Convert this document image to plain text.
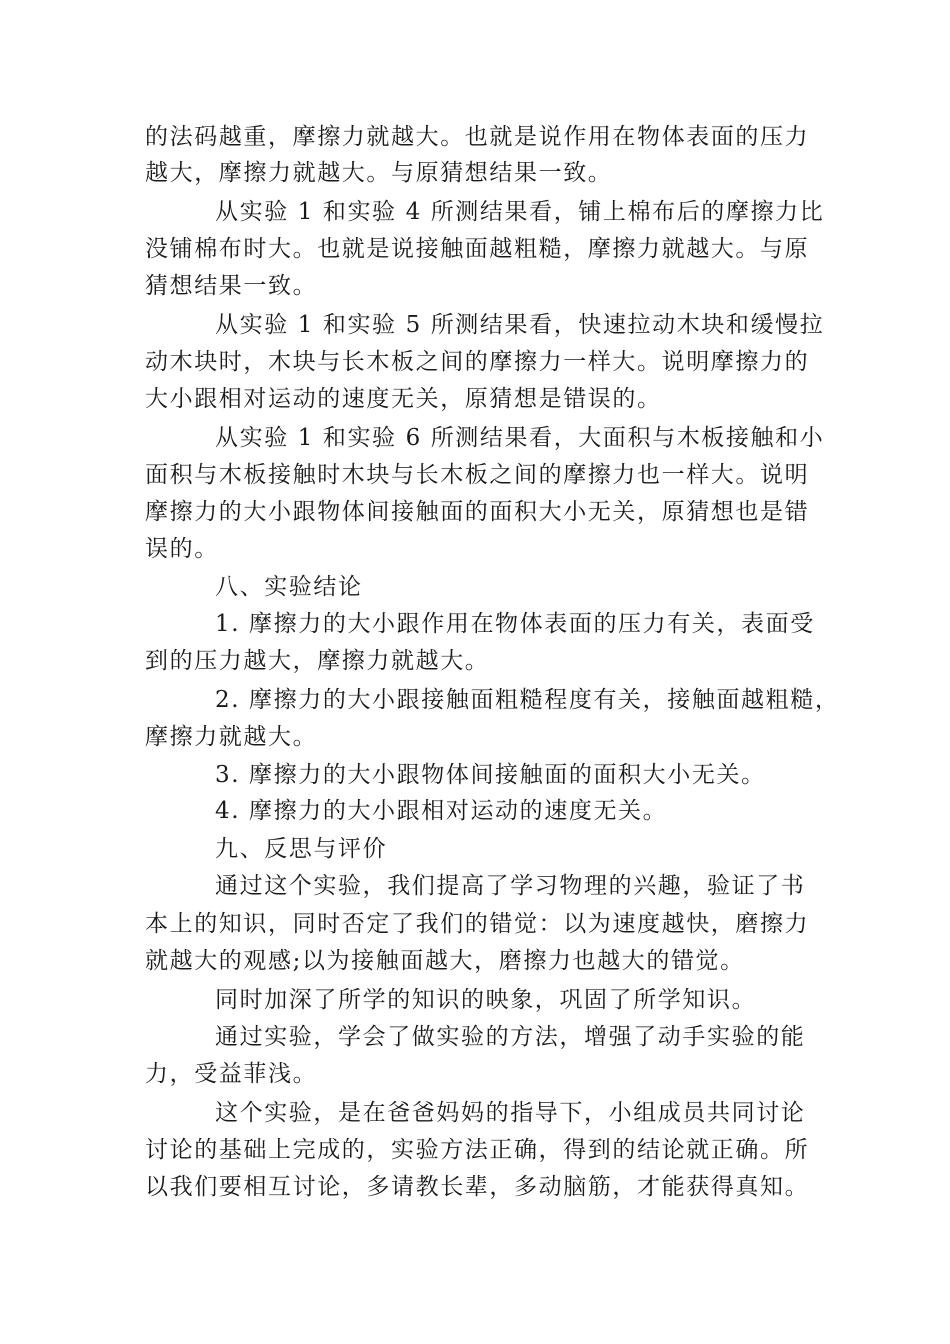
的法码越重，摩擦力就越大。也就是说作用在物体表面的压力
越大，摩擦力就越大。与原猜想结果一致。
从实验 1 和实验 4 所测结果看，铺上棉布后的摩擦力比
没铺棉布时大。也就是说接触面越粗糙，摩擦力就越大。与原
猜想结果一致。
从实验 1 和实验 5 所测结果看，快速拉动木块和缓慢拉
动木块时，木块与长木板之间的摩擦力一样大。说明摩擦力的
大小跟相对运动的速度无关，原猜想是错误的。
从实验 1 和实验 6 所测结果看，大面积与木板接触和小
面积与木板接触时木块与长木板之间的摩擦力也一样大。说明
摩擦力的大小跟物体间接触面的面积大小无关，原猜想也是错
误的。
八、实验结论
1. 摩擦力的大小跟作用在物体表面的压力有关，表面受
到的压力越大，摩擦力就越大。
2. 摩擦力的大小跟接触面粗糙程度有关，接触面越粗糙，
摩擦力就越大。
3. 摩擦力的大小跟物体间接触面的面积大小无关。
4. 摩擦力的大小跟相对运动的速度无关。
九、反思与评价
通过这个实验，我们提高了学习物理的兴趣，验证了书
本上的知识，同时否定了我们的错觉：以为速度越快，磨擦力
就越大的观感;以为接触面越大，磨擦力也越大的错觉。
同时加深了所学的知识的映象，巩固了所学知识。
通过实验，学会了做实验的方法，增强了动手实验的能
力，受益菲浅。
这个实验，是在爸爸妈妈的指导下，小组成员共同讨论
讨论的基础上完成的，实验方法正确，得到的结论就正确。所
以我们要相互讨论，多请教长辈，多动脑筋，才能获得真知。
